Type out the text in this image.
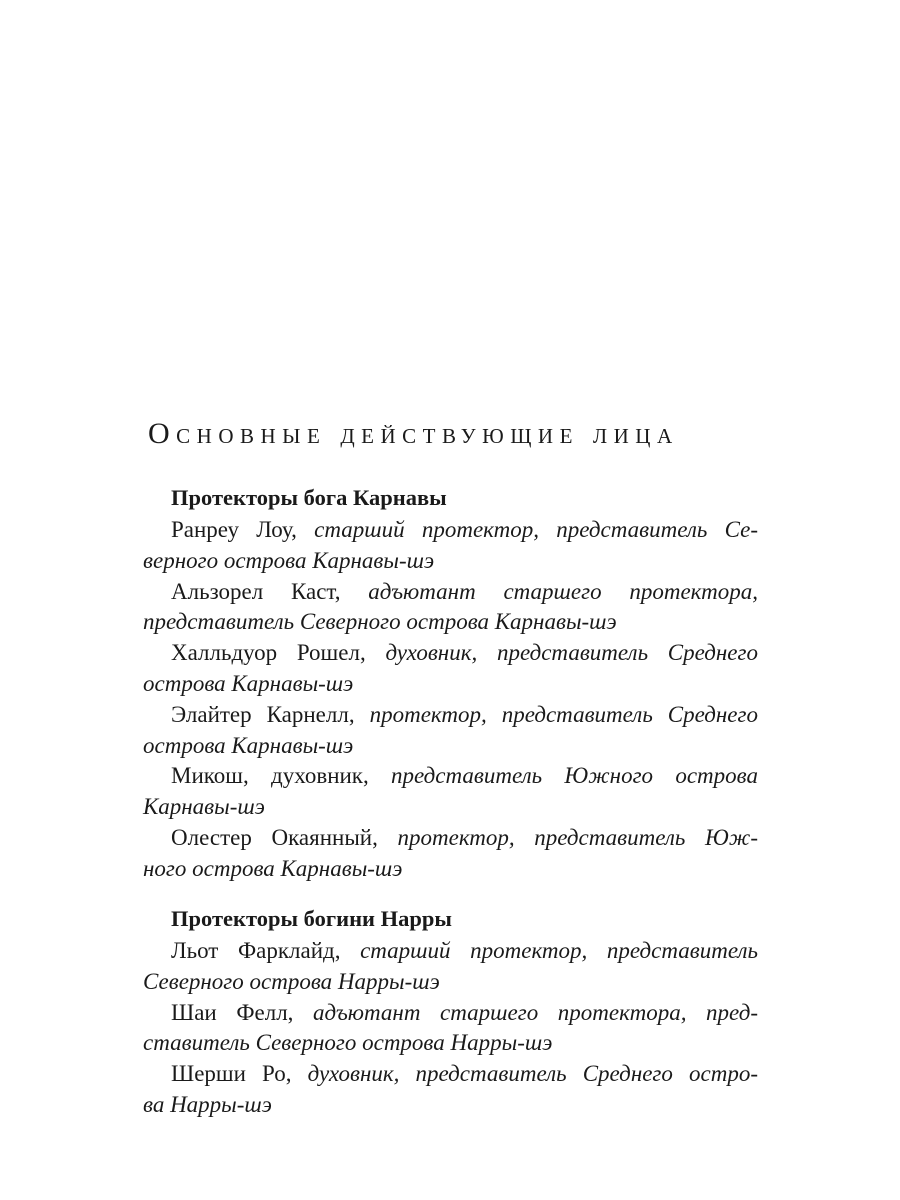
Основные действующие лица
Протекторы бога Карнавы
Ранреу Лоу, старший протектор, представитель Се-
верного острова Карнавы-шэ
Альзорел Каст, адъютант старшего протектора,
представитель Северного острова Карнавы-шэ
Халльдуор Рошел, духовник, представитель Среднего
острова Карнавы-шэ
Элайтер Карнелл, протектор, представитель Среднего
острова Карнавы-шэ
Микош, духовник, представитель Южного острова
Карнавы-шэ
Олестер Окаянный, протектор, представитель Юж-
ного острова Карнавы-шэ
Протекторы богини Нарры
Льот Фарклайд, старший протектор, представитель
Северного острова Нарры-шэ
Шаи Фелл, адъютант старшего протектора, пред-
ставитель Северного острова Нарры-шэ
Шерши Ро, духовник, представитель Среднего остро-
ва Нарры-шэ
